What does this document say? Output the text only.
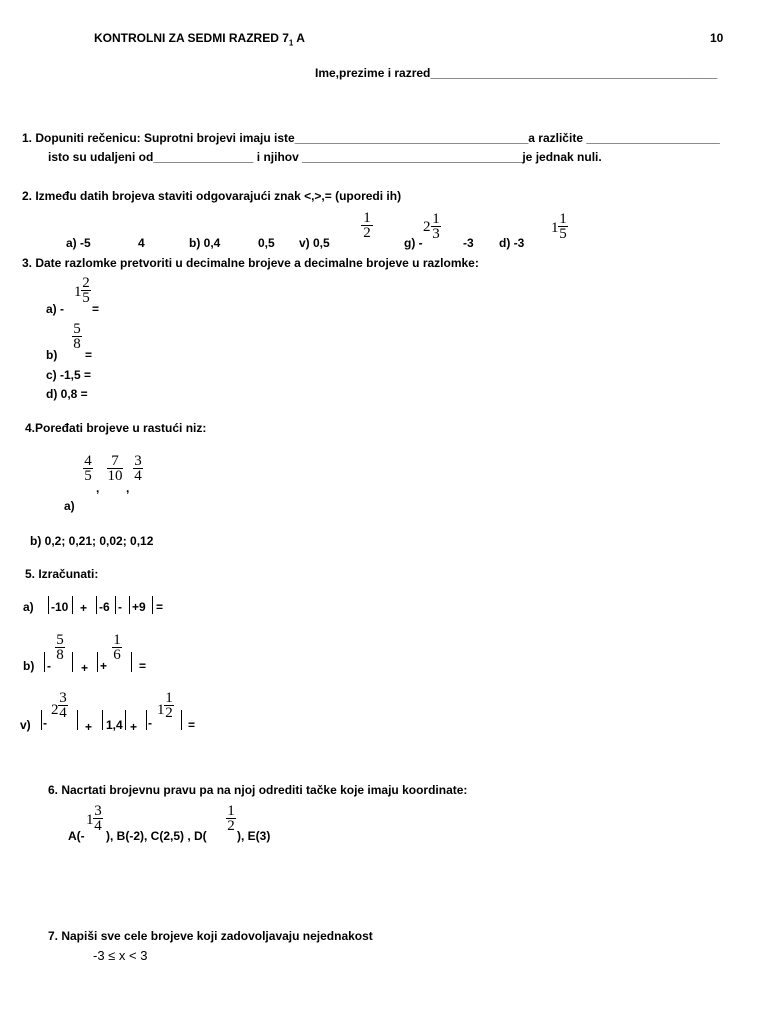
KONTROLNI ZA SEDMI RAZRED $7_1$ A	10
Ime,prezime i razred___________________________________________
1. Dopuniti rečenicu: Suprotni brojevi imaju iste___________________________________a različite ____________________
isto su udaljeni od_______________ i njihov _________________________________je jednak nuli.
2. Između datih brojeva staviti odgovarajući znak <,>,= (uporedi ih)
a) -5	4	b) 0,4	0,5 v) 0,5
$\frac{1}{2}$
g) -
$2 \frac{1}{3}$
-3 d) -3
$1 \frac{1}{5}$
3. Date razlomke pretvoriti u decimalne brojeve a decimalne brojeve u razlomke:
$1 \frac{2}{5}$
a) - =
$\frac{5}{8}$
b) =
c) -1,5 =
d) 0,8 =
4.Poređati brojeve u rastući niz:
$\frac{4}{5}$
,
$\frac{7}{10}$
,
$\frac{3}{4}$
a)
b) 0,2; 0,21; 0,02; 0,12
5. Izračunati:
a) -10 + -6 - +9 =
b) -
$\frac{5}{8}$
+ +
$\frac{1}{6}$
=
v) -
$2 \frac{3}{4}$
+ 1,4 + -
$1 \frac{1}{2}$
=
6. Nacrtati brojevnu pravu pa na njoj odrediti tačke koje imaju koordinate:
A(-
$1 \frac{3}{4}$
), B(-2), C(2,5) , D(
$\frac{1}{2}$
), E(3)
7. Napiši sve cele brojeve koji zadovoljavaju nejednakost
-3 ≤ x < 3
